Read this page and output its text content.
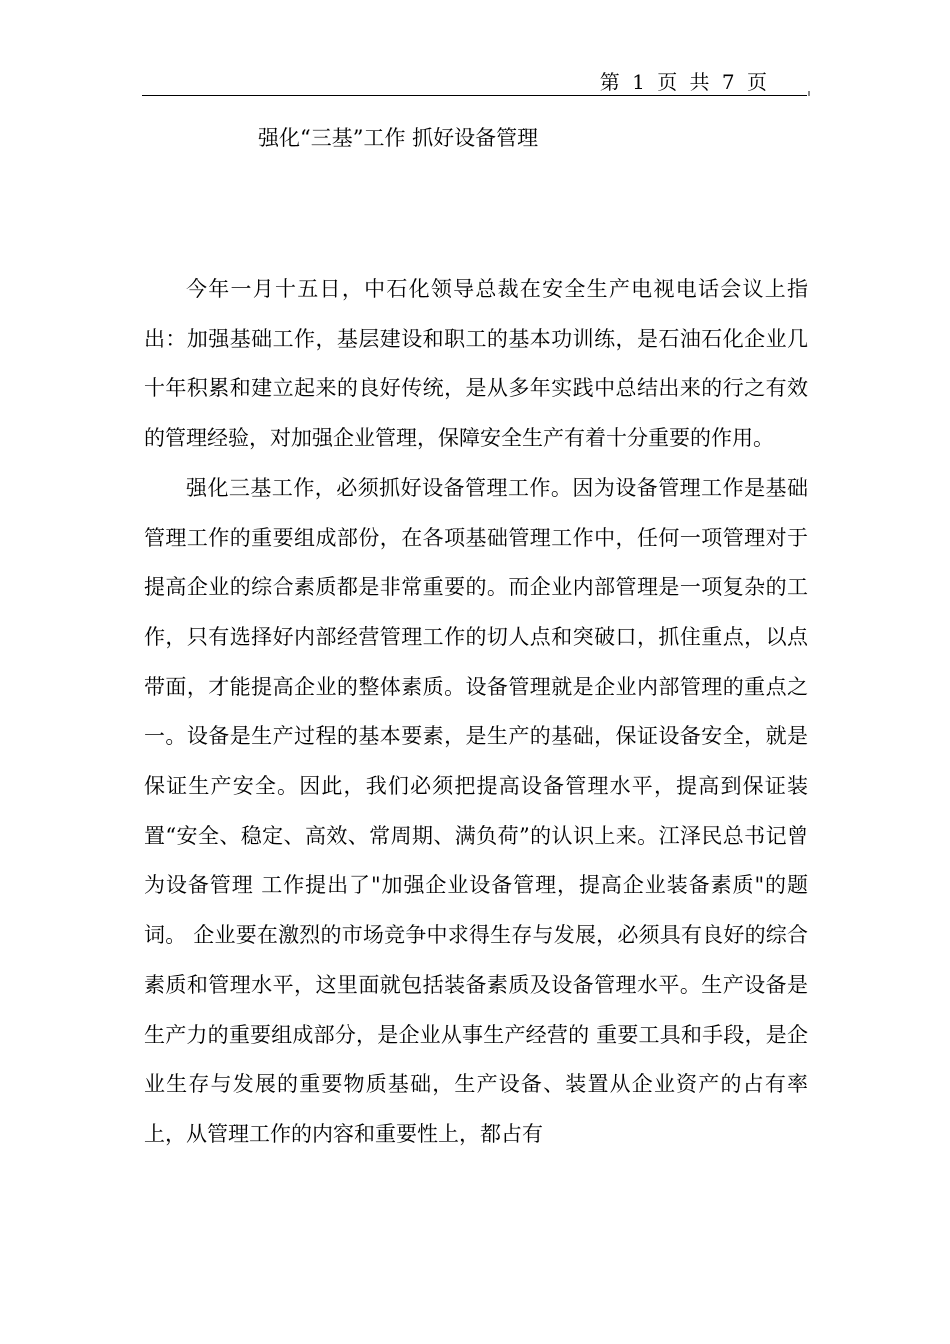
第 1 页 共 7 页
强化“三基”工作 抓好设备管理

今年一月十五日，中石化领导总裁在安全生产电视电话会议上指出：加强基础工作，基层建设和职工的基本功训练，是石油石化企业几十年积累和建立起来的良好传统，是从多年实践中总结出来的行之有效的管理经验，对加强企业管理，保障安全生产有着十分重要的作用。

强化三基工作，必须抓好设备管理工作。因为设备管理工作是基础管理工作的重要组成部份，在各项基础管理工作中，任何一项管理对于提高企业的综合素质都是非常重要的。而企业内部管理是一项复杂的工作，只有选择好内部经营管理工作的切人点和突破口，抓住重点，以点带面，才能提高企业的整体素质。设备管理就是企业内部管理的重点之一。设备是生产过程的基本要素，是生产的基础，保证设备安全，就是保证生产安全。因此，我们必须把提高设备管理水平，提高到保证装置“安全、稳定、高效、常周期、满负荷”的认识上来。江泽民总书记曾为设备管理 工作提出了"加强企业设备管理，提高企业装备素质"的题词。 企业要在激烈的市场竞争中求得生存与发展，必须具有良好的综合素质和管理水平，这里面就包括装备素质及设备管理水平。生产设备是生产力的重要组成部分，是企业从事生产经营的 重要工具和手段，是企业生存与发展的重要物质基础，生产设备、装置从企业资产的占有率上，从管理工作的内容和重要性上，都占有
